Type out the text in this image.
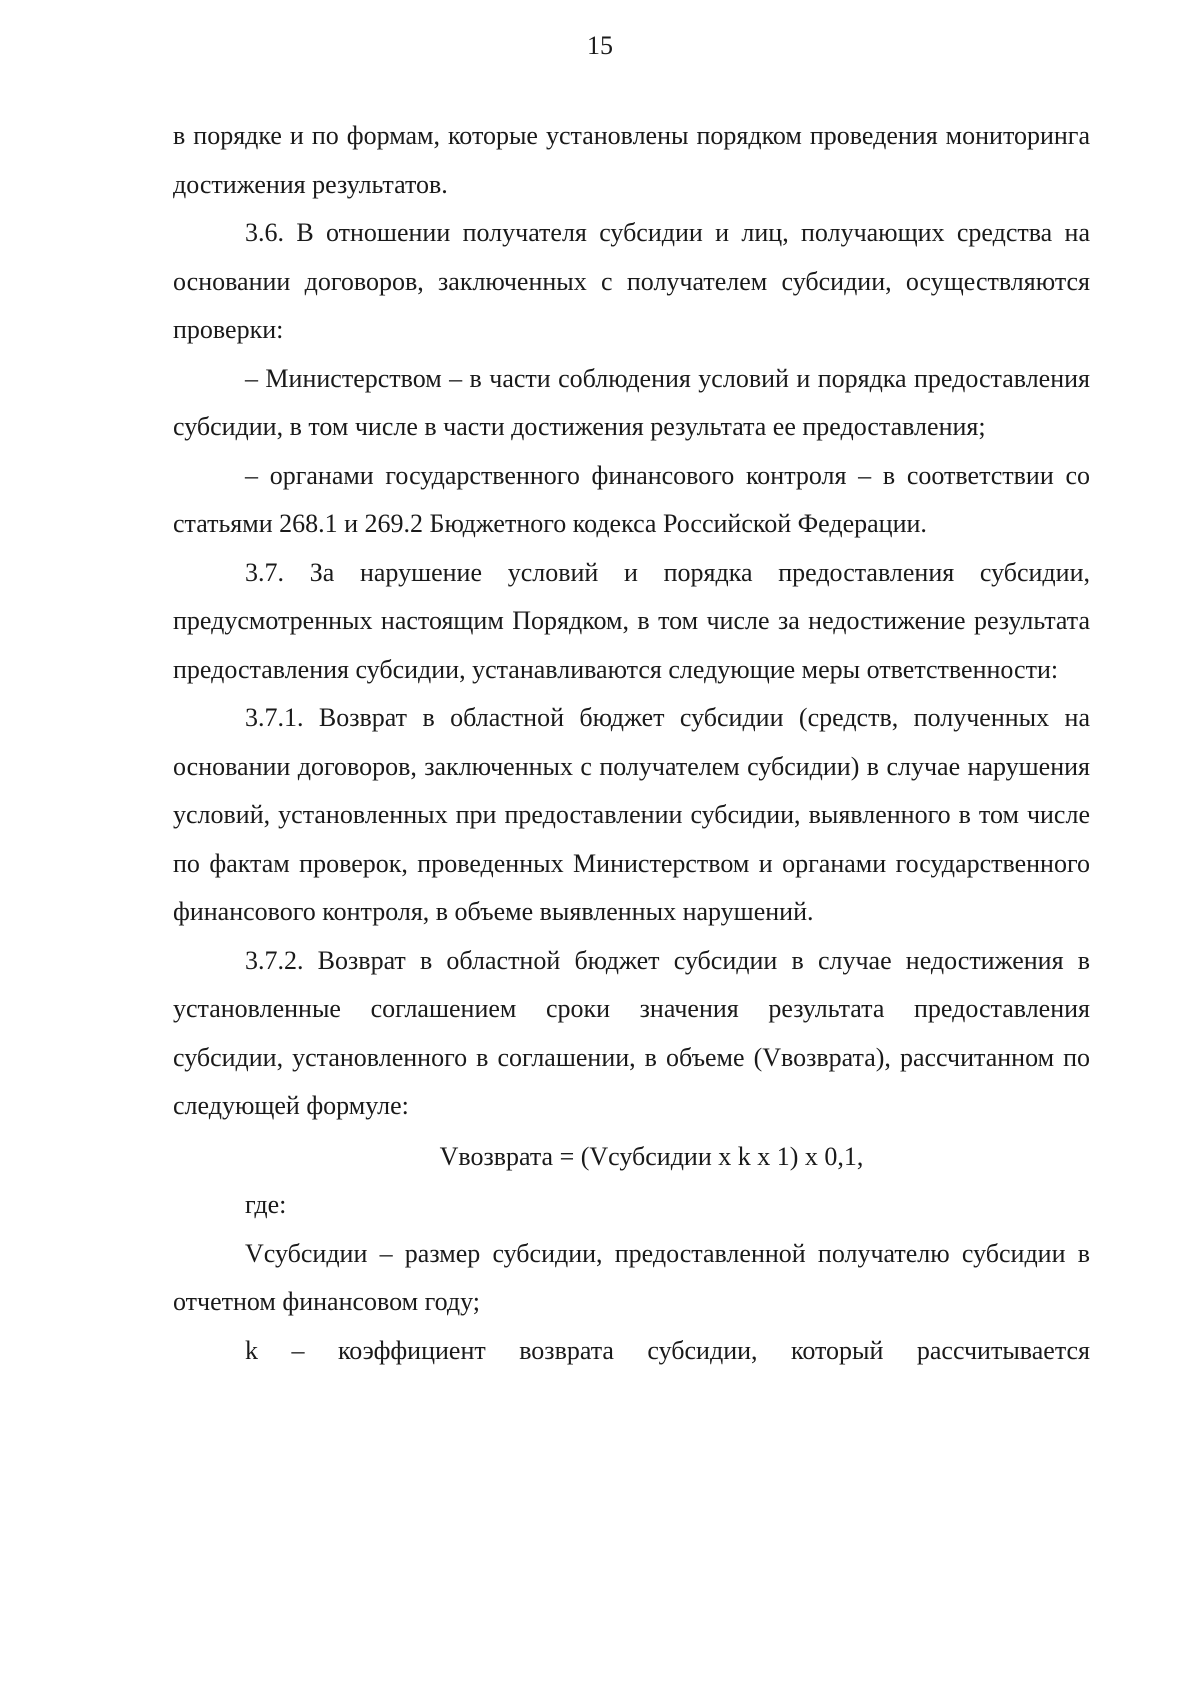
15

в порядке и по формам, которые установлены порядком проведения мониторинга достижения результатов.

3.6. В отношении получателя субсидии и лиц, получающих средства на основании договоров, заключенных с получателем субсидии, осуществляются проверки:

– Министерством – в части соблюдения условий и порядка предоставления субсидии, в том числе в части достижения результата ее предоставления;

– органами государственного финансового контроля – в соответствии со статьями 268.1 и 269.2 Бюджетного кодекса Российской Федерации.

3.7. За нарушение условий и порядка предоставления субсидии, предусмотренных настоящим Порядком, в том числе за недостижение результата предоставления субсидии, устанавливаются следующие меры ответственности:

3.7.1. Возврат в областной бюджет субсидии (средств, полученных на основании договоров, заключенных с получателем субсидии) в случае нарушения условий, установленных при предоставлении субсидии, выявленного в том числе по фактам проверок, проведенных Министерством и органами государственного финансового контроля, в объеме выявленных нарушений.

3.7.2. Возврат в областной бюджет субсидии в случае недостижения в установленные соглашением сроки значения результата предоставления субсидии, установленного в соглашении, в объеме (Vвозврата), рассчитанном по следующей формуле:

Vвозврата = (Vсубсидии x k x 1) x 0,1,

где:

Vсубсидии – размер субсидии, предоставленной получателю субсидии в отчетном финансовом году;

k – коэффициент возврата субсидии, который рассчитывается
